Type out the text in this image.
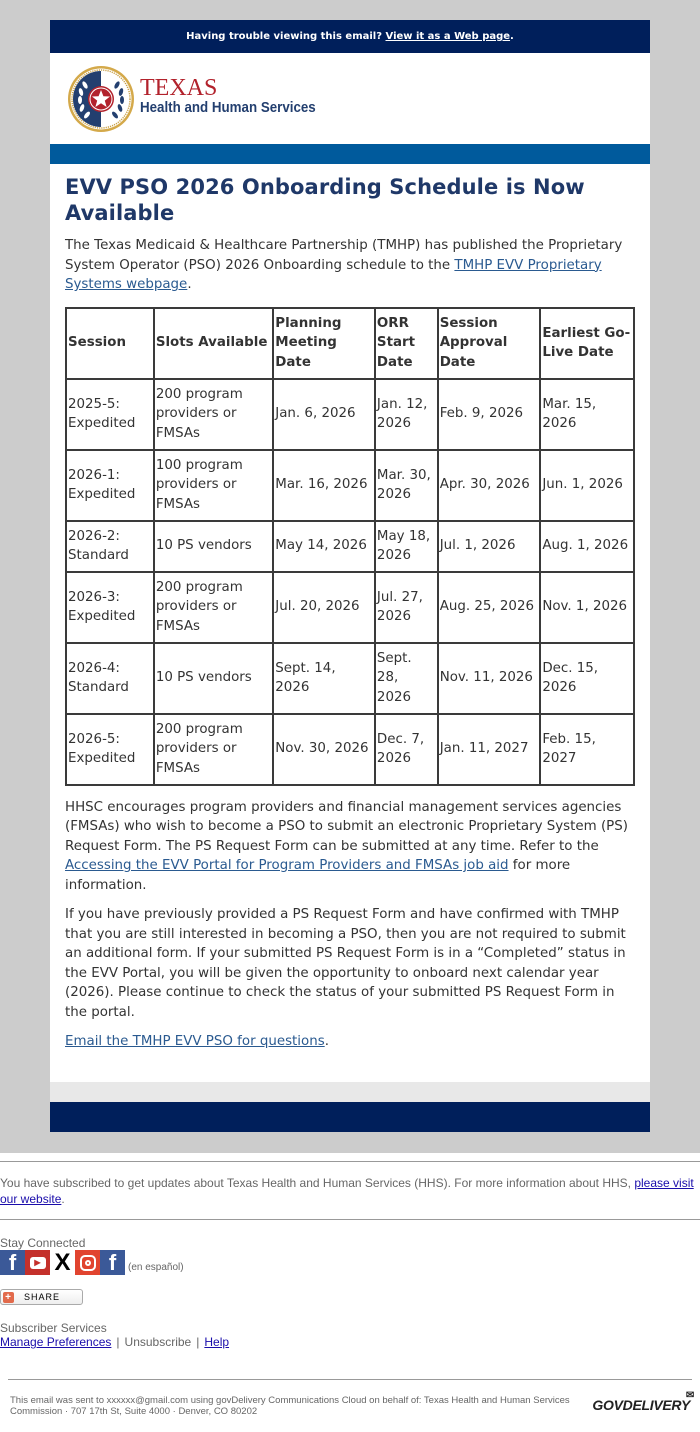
Having trouble viewing this email? View it as a Web page.
TEXAS
Health and Human Services
EVV PSO 2026 Onboarding Schedule is Now Available

The Texas Medicaid & Healthcare Partnership (TMHP) has published the Proprietary System Operator (PSO) 2026 Onboarding schedule to the TMHP EVV Proprietary Systems webpage.

Session	Slots Available	Planning Meeting Date	ORR Start Date	Session Approval Date	Earliest Go-Live Date
2025-5: Expedited	200 program providers or FMSAs	Jan. 6, 2026	Jan. 12, 2026	Feb. 9, 2026	Mar. 15, 2026
2026-1: Expedited	100 program providers or FMSAs	Mar. 16, 2026	Mar. 30, 2026	Apr. 30, 2026	Jun. 1, 2026
2026-2: Standard	10 PS vendors	May 14, 2026	May 18, 2026	Jul. 1, 2026	Aug. 1, 2026
2026-3: Expedited	200 program providers or FMSAs	Jul. 20, 2026	Jul. 27, 2026	Aug. 25, 2026	Nov. 1, 2026
2026-4: Standard	10 PS vendors	Sept. 14, 2026	Sept. 28, 2026	Nov. 11, 2026	Dec. 15, 2026
2026-5: Expedited	200 program providers or FMSAs	Nov. 30, 2026	Dec. 7, 2026	Jan. 11, 2027	Feb. 15, 2027

HHSC encourages program providers and financial management services agencies (FMSAs) who wish to become a PSO to submit an electronic Proprietary System (PS) Request Form. The PS Request Form can be submitted at any time. Refer to the Accessing the EVV Portal for Program Providers and FMSAs job aid for more information.

If you have previously provided a PS Request Form and have confirmed with TMHP that you are still interested in becoming a PSO, then you are not required to submit an additional form. If your submitted PS Request Form is in a “Completed” status in the EVV Portal, you will be given the opportunity to onboard next calendar year (2026). Please continue to check the status of your submitted PS Request Form in the portal.

Email the TMHP EVV PSO for questions.

You have subscribed to get updates about Texas Health and Human Services (HHS). For more information about HHS, please visit our website.
Stay Connected
f	▶ X	f	(en español)
+ SHARE
Subscriber Services
Manage Preferences | Unsubscribe | Help
This email was sent to xxxxxx@gmail.com using govDelivery Communications Cloud on behalf of: Texas Health and Human Services Commission · 707 17th St, Suite 4000 · Denver, CO 80202	GOVDELIVERY
✉
